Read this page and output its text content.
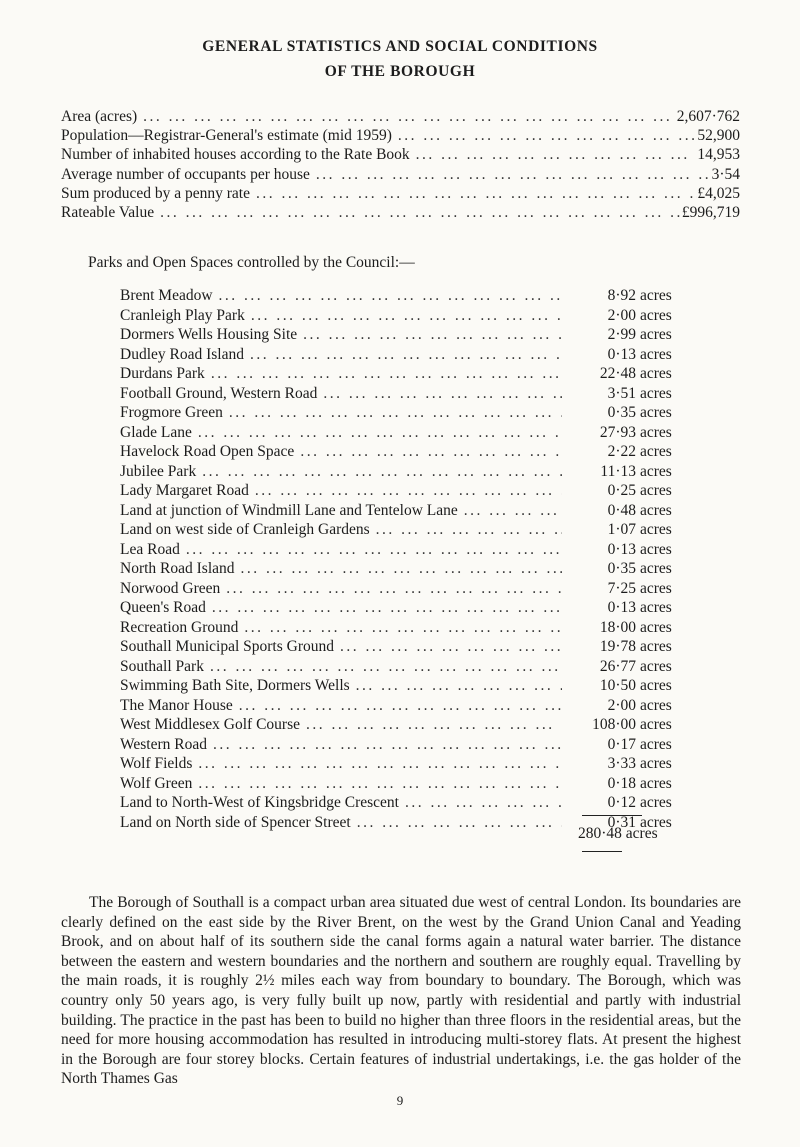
GENERAL STATISTICS AND SOCIAL CONDITIONS
OF THE BOROUGH
Area (acres) ... .	2,607·762
Population—Registrar-General's estimate (mid 1959) ... .	52,900
Number of inhabited houses according to the Rate Book ... .	14,953
Average number of occupants per house ... .	3·54
Sum produced by a penny rate ... .	£4,025
Rateable Value ... .	£996,719
Parks and Open Spaces controlled by the Council:—
Brent Meadow ... .	8·92 acres
Cranleigh Play Park ... .	2·00 acres
Dormers Wells Housing Site ... .	2·99 acres
Dudley Road Island ... .	0·13 acres
Durdans Park ... .	22·48 acres
Football Ground, Western Road ... .	3·51 acres
Frogmore Green ... .	0·35 acres
Glade Lane ... .	27·93 acres
Havelock Road Open Space ... .	2·22 acres
Jubilee Park ... .	11·13 acres
Lady Margaret Road ... .	0·25 acres
Land at junction of Windmill Lane and Tentelow Lane ... .	0·48 acres
Land on west side of Cranleigh Gardens ... .	1·07 acres
Lea Road ... .	0·13 acres
North Road Island ... .	0·35 acres
Norwood Green ... .	7·25 acres
Queen's Road ... .	0·13 acres
Recreation Ground ... .	18·00 acres
Southall Municipal Sports Ground ... .	19·78 acres
Southall Park ... .	26·77 acres
Swimming Bath Site, Dormers Wells ... .	10·50 acres
The Manor House ... .	2·00 acres
West Middlesex Golf Course ... .	108·00 acres
Western Road ... .	0·17 acres
Wolf Fields ... .	3·33 acres
Wolf Green ... .	0·18 acres
Land to North-West of Kingsbridge Crescent ... .	0·12 acres
Land on North side of Spencer Street ... .	0·31 acres
280·48 acres
The Borough of Southall is a compact urban area situated due west of central London. Its boundaries are clearly defined on the east side by the River Brent, on the west by the Grand Union Canal and Yeading Brook, and on about half of its southern side the canal forms again a natural water barrier. The distance between the eastern and western boundaries and the northern and southern are roughly equal. Travelling by the main roads, it is roughly 2½ miles each way from boundary to boundary. The Borough, which was country only 50 years ago, is very fully built up now, partly with residential and partly with industrial building. The practice in the past has been to build no higher than three floors in the residential areas, but the need for more housing accommodation has resulted in introducing multi-storey flats. At present the highest in the Borough are four storey blocks. Certain features of industrial undertakings, i.e. the gas holder of the North Thames Gas
9
